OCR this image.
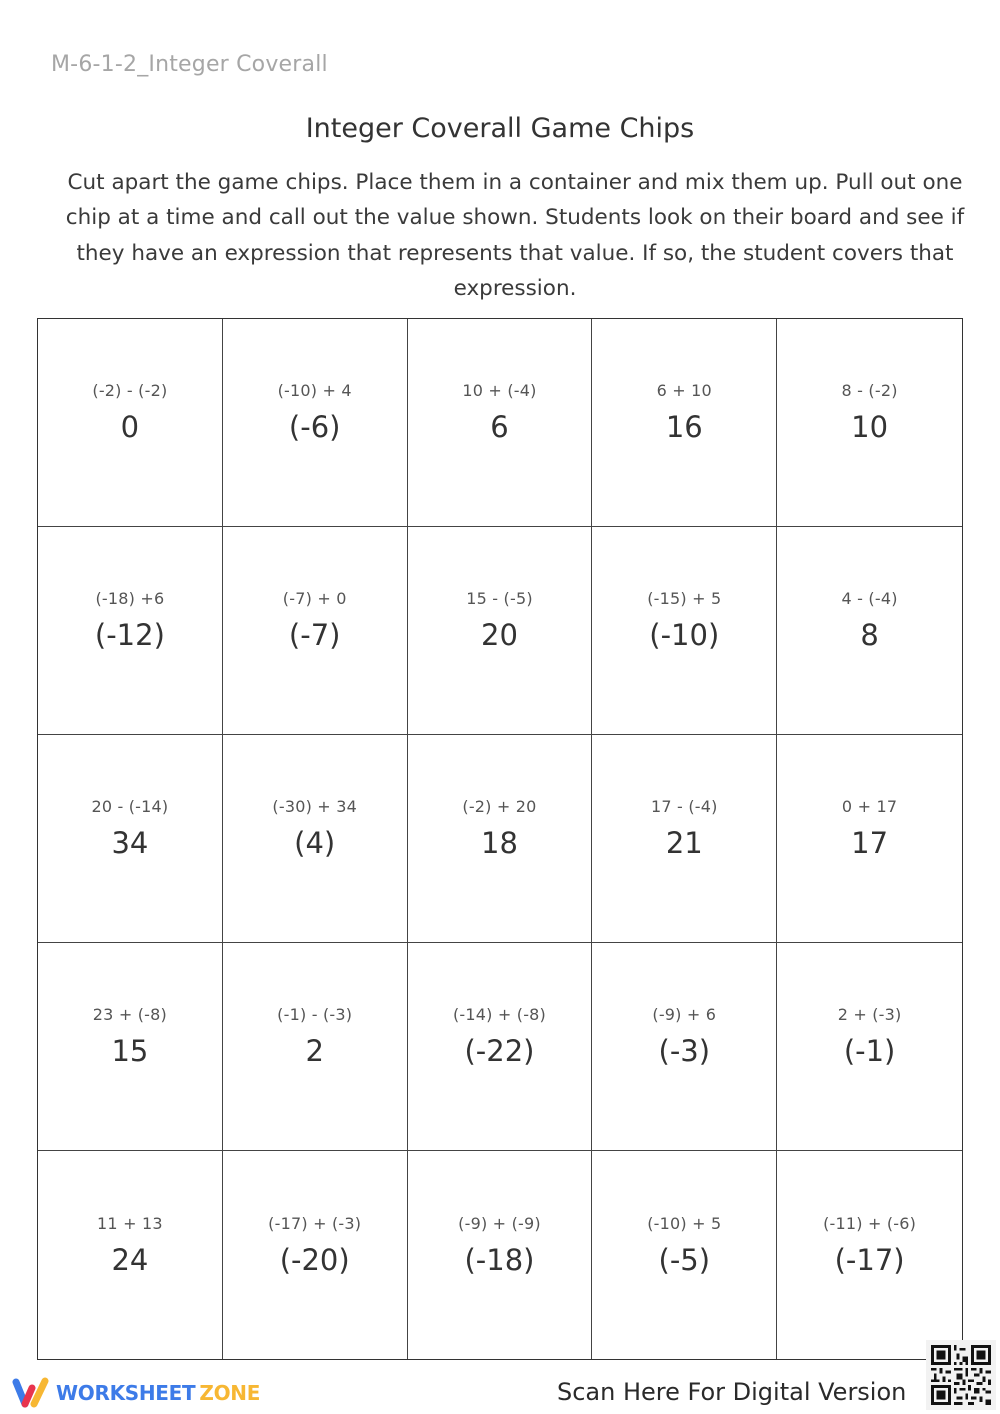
M-6-1-2_Integer Coverall
Integer Coverall Game Chips
Cut apart the game chips. Place them in a container and mix them up. Pull out one chip at a time and call out the value shown. Students look on their board and see if they have an expression that represents that value. If so, the student covers that expression.
(-2) - (-2)
0
(-10) + 4
(-6)
10 + (-4)
6
6 + 10
16
8 - (-2)
10
(-18) +6
(-12)
(-7) + 0
(-7)
15 - (-5)
20
(-15) + 5
(-10)
4 - (-4)
8
20 - (-14)
34
(-30) + 34
(4)
(-2) + 20
18
17 - (-4)
21
0 + 17
17
23 + (-8)
15
(-1) - (-3)
2
(-14) + (-8)
(-22)
(-9) + 6
(-3)
2 + (-3)
(-1)
11 + 13
24
(-17) + (-3)
(-20)
(-9) + (-9)
(-18)
(-10) + 5
(-5)
(-11) + (-6)
(-17)
WORKSHEET ZONE	Scan Here For Digital Version
